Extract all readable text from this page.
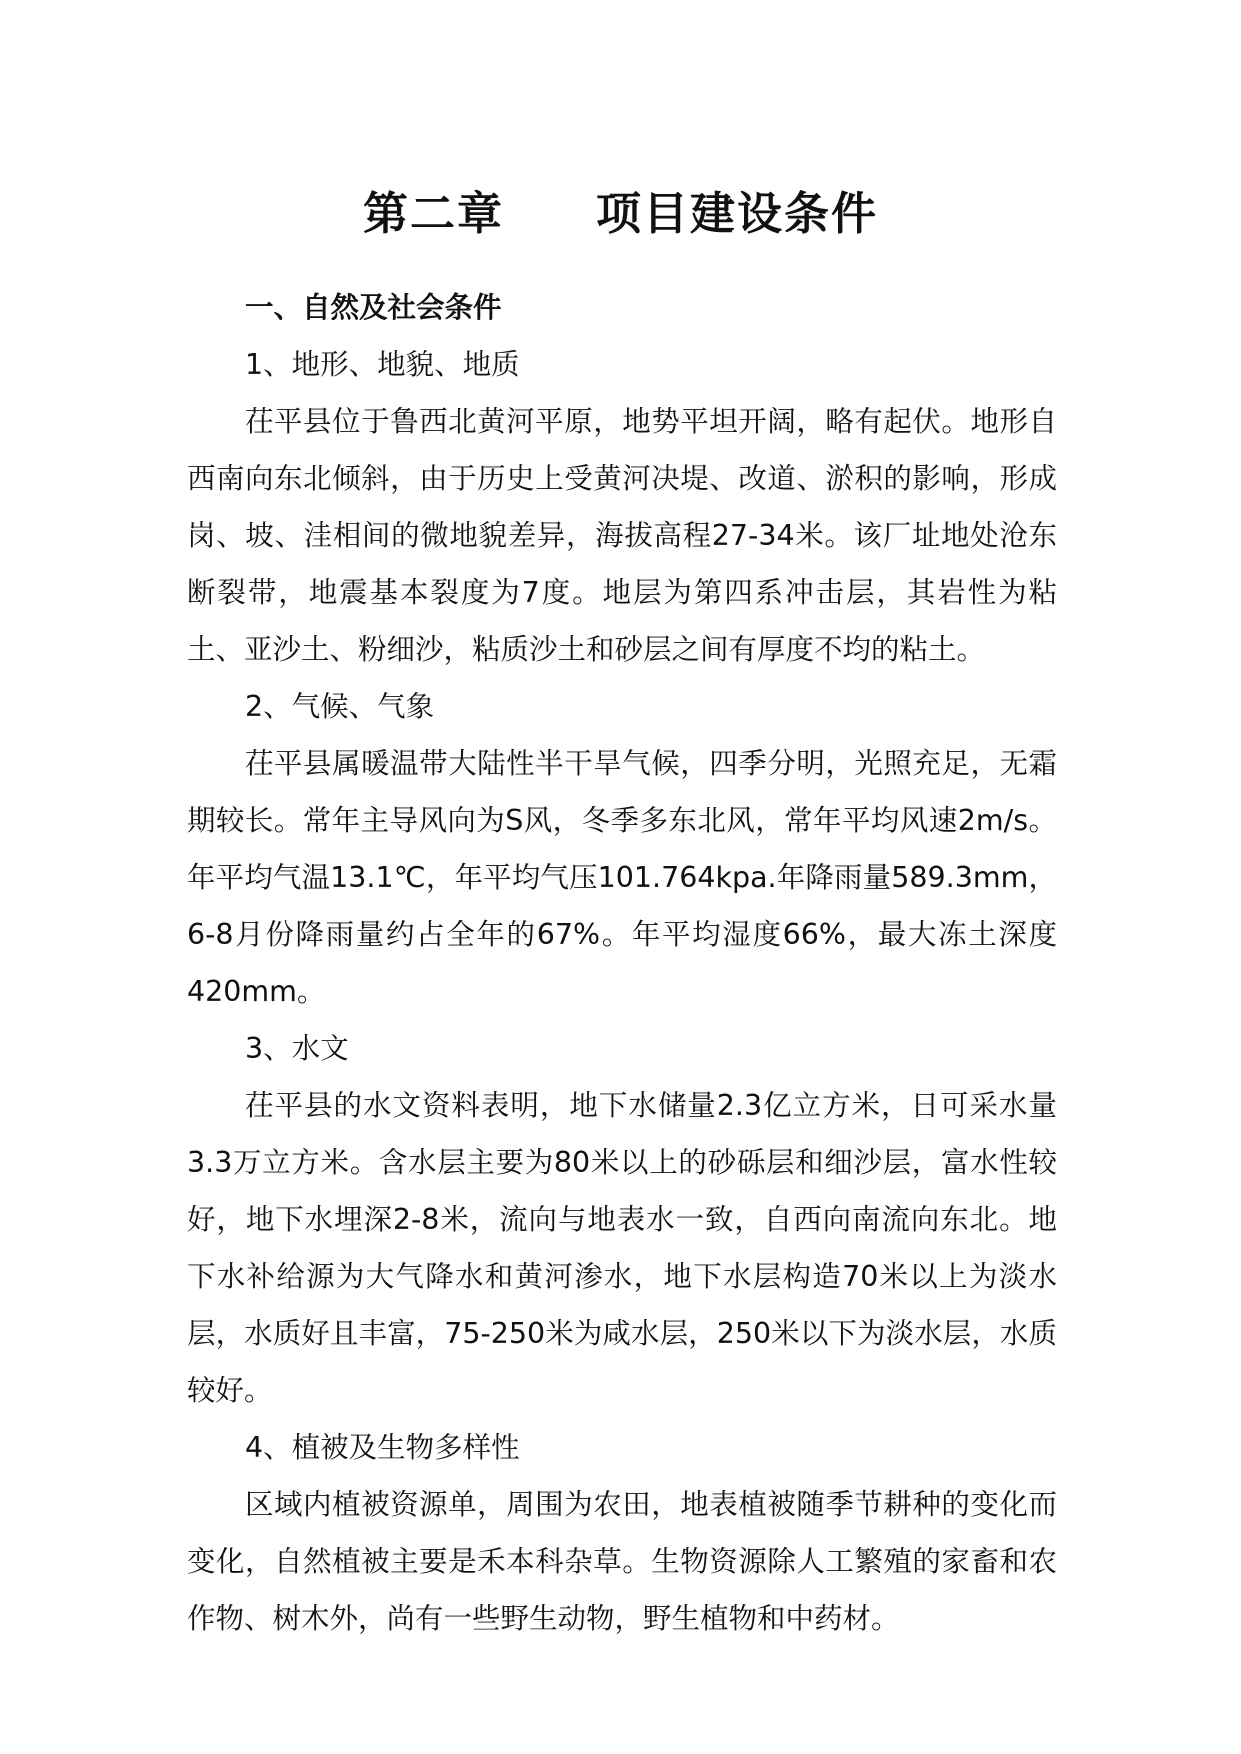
第二章 项目建设条件

一、自然及社会条件

1、地形、地貌、地质

茌平县位于鲁西北黄河平原，地势平坦开阔，略有起伏。地形自西南向东北倾斜，由于历史上受黄河决堤、改道、淤积的影响，形成岗、坡、洼相间的微地貌差异，海拔高程27-34米。该厂址地处沧东断裂带，地震基本裂度为7度。地层为第四系冲击层，其岩性为粘土、亚沙土、粉细沙，粘质沙土和砂层之间有厚度不均的粘土。

2、气候、气象

茌平县属暖温带大陆性半干旱气候，四季分明，光照充足，无霜期较长。常年主导风向为S风，冬季多东北风，常年平均风速2m/s。年平均气温13.1℃，年平均气压101.764kpa.年降雨量589.3mm，6-8月份降雨量约占全年的67%。年平均湿度66%，最大冻土深度420mm。

3、水文

茌平县的水文资料表明，地下水储量2.3亿立方米，日可采水量3.3万立方米。含水层主要为80米以上的砂砾层和细沙层，富水性较好，地下水埋深2-8米，流向与地表水一致，自西向南流向东北。地下水补给源为大气降水和黄河渗水，地下水层构造70米以上为淡水层，水质好且丰富，75-250米为咸水层，250米以下为淡水层，水质较好。

4、植被及生物多样性

区域内植被资源单，周围为农田，地表植被随季节耕种的变化而变化，自然植被主要是禾本科杂草。生物资源除人工繁殖的家畜和农作物、树木外，尚有一些野生动物，野生植物和中药材。
